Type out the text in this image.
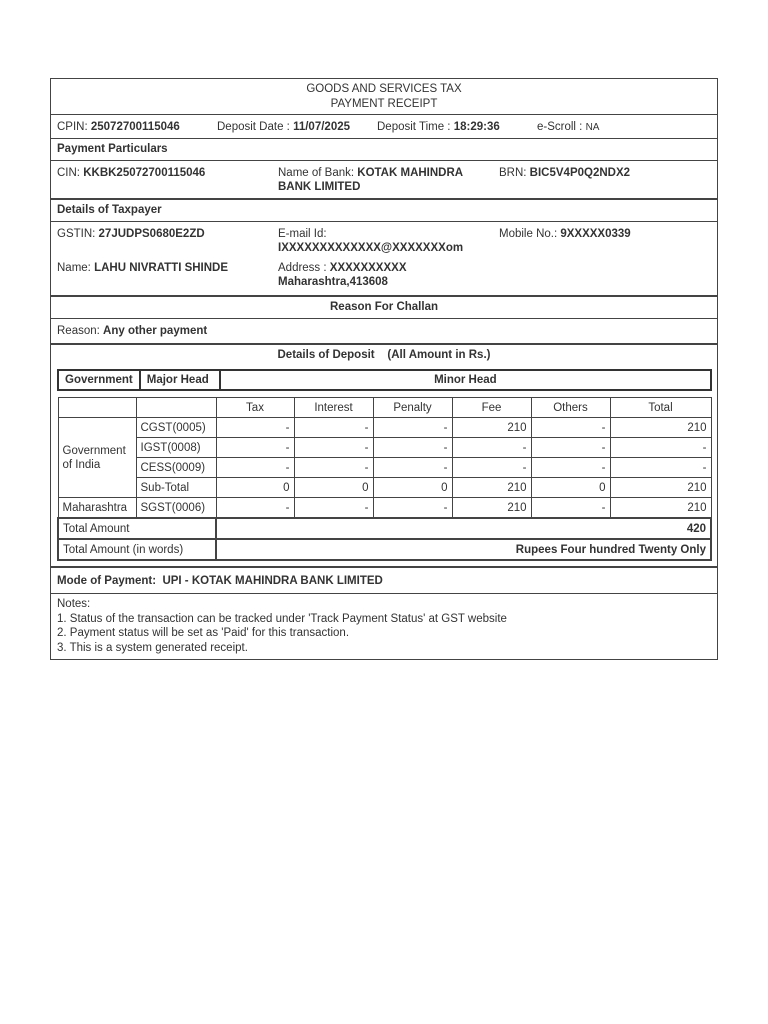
GOODS AND SERVICES TAX
PAYMENT RECEIPT
CPIN: 25072700115046	Deposit Date : 11/07/2025 Deposit Time : 18:29:36	e-Scroll : NA
Payment Particulars
CIN: KKBK25072700115046	Name of Bank: KOTAK MAHINDRA
BANK LIMITED
BRN: BIC5V4P0Q2NDX2
Details of Taxpayer
GSTIN: 27JUDPS0680E2ZD	E-mail Id:
IXXXXXXXXXXXXX@XXXXXXXom
Mobile No.: 9XXXXX0339
Name: LAHU NIVRATTI SHINDE	Address : XXXXXXXXXX
Maharashtra,413608
Reason For Challan
Reason: Any other payment
Details of Deposit    (All Amount in Rs.)
Government	Major Head	Minor Head
		Tax	Interest	Penalty	Fee	Others	Total
Government of India	CGST(0005)	-	-	-	210	-	210
	IGST(0008)	-	-	-	-	-	-
	CESS(0009)	-	-	-	-	-	-
	Sub-Total	0	0	0	210	0	210
Maharashtra	SGST(0006)	-	-	-	210	-	210
Total Amount		420					
Total Amount (in words)		Rupees Four hundred Twenty Only					
Mode of Payment:  UPI - KOTAK MAHINDRA BANK LIMITED
Notes:
1. Status of the transaction can be tracked under 'Track Payment Status' at GST website
2. Payment status will be set as 'Paid' for this transaction.
3. This is a system generated receipt.
